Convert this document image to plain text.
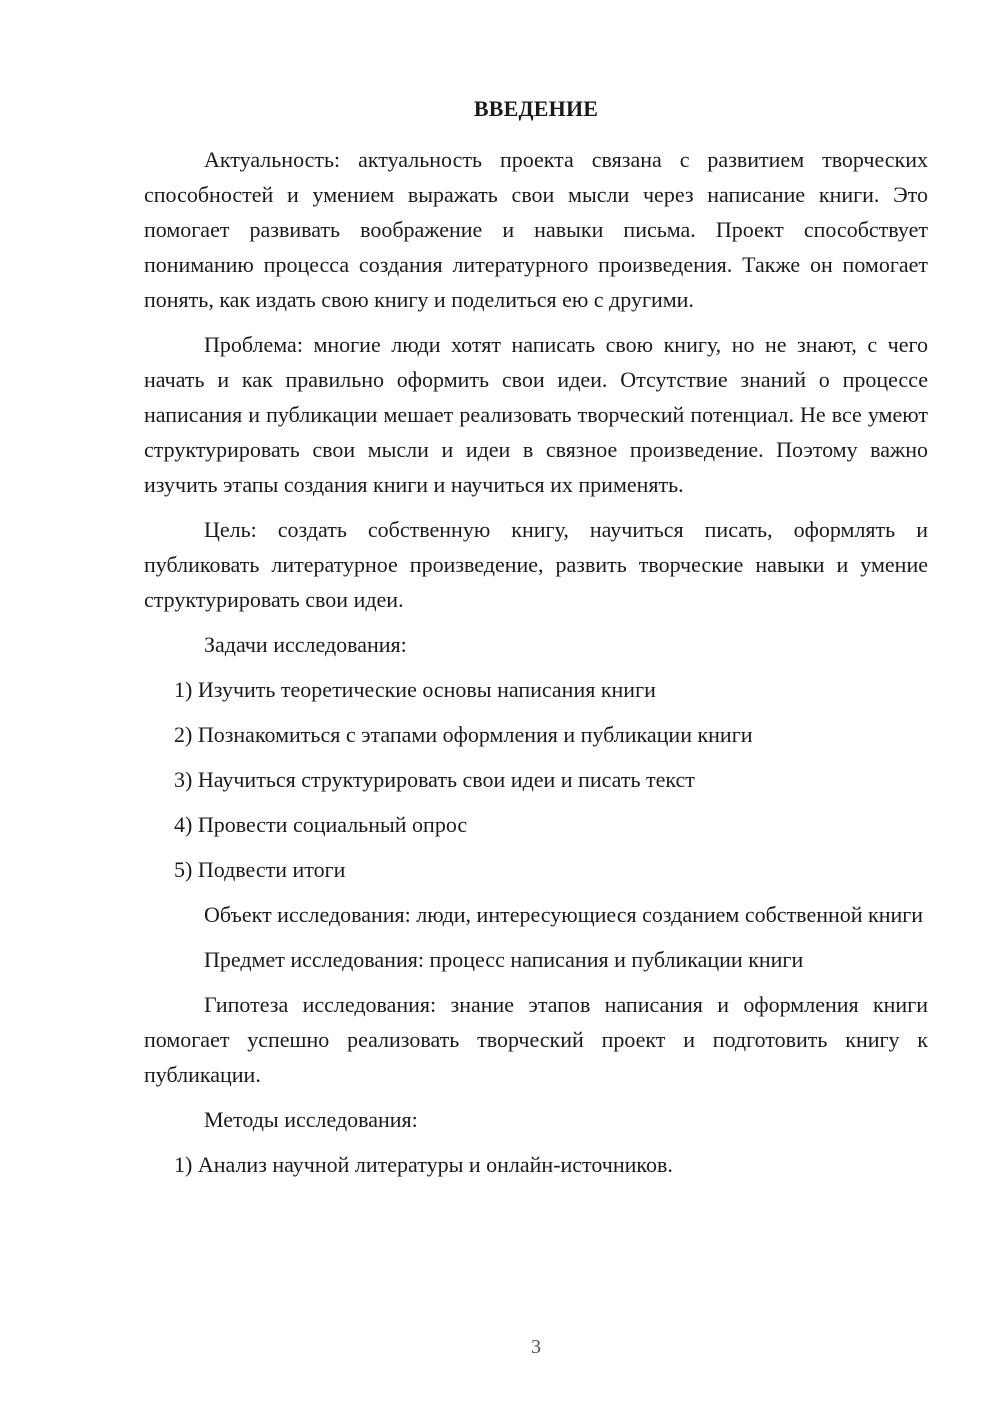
ВВЕДЕНИЕ

Актуальность: актуальность проекта связана с развитием творческих способностей и умением выражать свои мысли через написание книги. Это помогает развивать воображение и навыки письма. Проект способствует пониманию процесса создания литературного произведения. Также он помогает понять, как издать свою книгу и поделиться ею с другими.

Проблема: многие люди хотят написать свою книгу, но не знают, с чего начать и как правильно оформить свои идеи. Отсутствие знаний о процессе написания и публикации мешает реализовать творческий потенциал. Не все умеют структурировать свои мысли и идеи в связное произведение. Поэтому важно изучить этапы создания книги и научиться их применять.

Цель: создать собственную книгу, научиться писать, оформлять и публиковать литературное произведение, развить творческие навыки и умение структурировать свои идеи.

Задачи исследования:

1) Изучить теоретические основы написания книги

2) Познакомиться с этапами оформления и публикации книги

3) Научиться структурировать свои идеи и писать текст

4) Провести социальный опрос

5) Подвести итоги

Объект исследования: люди, интересующиеся созданием собственной книги

Предмет исследования: процесс написания и публикации книги

Гипотеза исследования: знание этапов написания и оформления книги помогает успешно реализовать творческий проект и подготовить книгу к публикации.

Методы исследования:

1) Анализ научной литературы и онлайн-источников.

3
